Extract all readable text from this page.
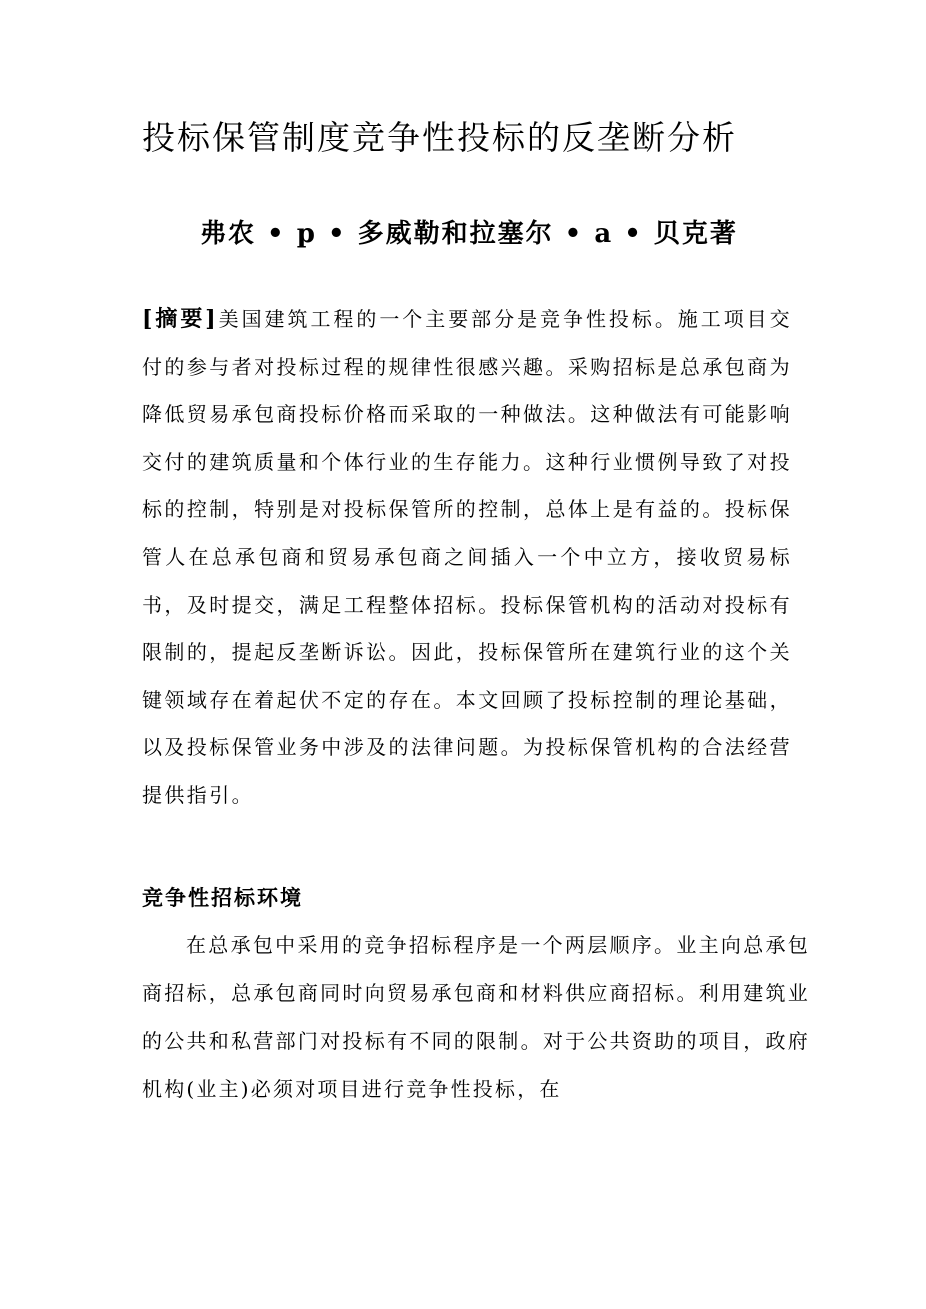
投标保管制度竞争性投标的反垄断分析
弗农 • p • 多威勒和拉塞尔 • a • 贝克著

[摘要]美国建筑工程的一个主要部分是竞争性投标。施工项目交付的参与者对投标过程的规律性很感兴趣。采购招标是总承包商为降低贸易承包商投标价格而采取的一种做法。这种做法有可能影响交付的建筑质量和个体行业的生存能力。这种行业惯例导致了对投标的控制，特别是对投标保管所的控制，总体上是有益的。投标保管人在总承包商和贸易承包商之间插入一个中立方，接收贸易标书，及时提交，满足工程整体招标。投标保管机构的活动对投标有限制的，提起反垄断诉讼。因此，投标保管所在建筑行业的这个关键领域存在着起伏不定的存在。本文回顾了投标控制的理论基础，以及投标保管业务中涉及的法律问题。为投标保管机构的合法经营提供指引。

竞争性招标环境

在总承包中采用的竞争招标程序是一个两层顺序。业主向总承包商招标，总承包商同时向贸易承包商和材料供应商招标。利用建筑业的公共和私营部门对投标有不同的限制。对于公共资助的项目，政府机构(业主)必须对项目进行竞争性投标，在
